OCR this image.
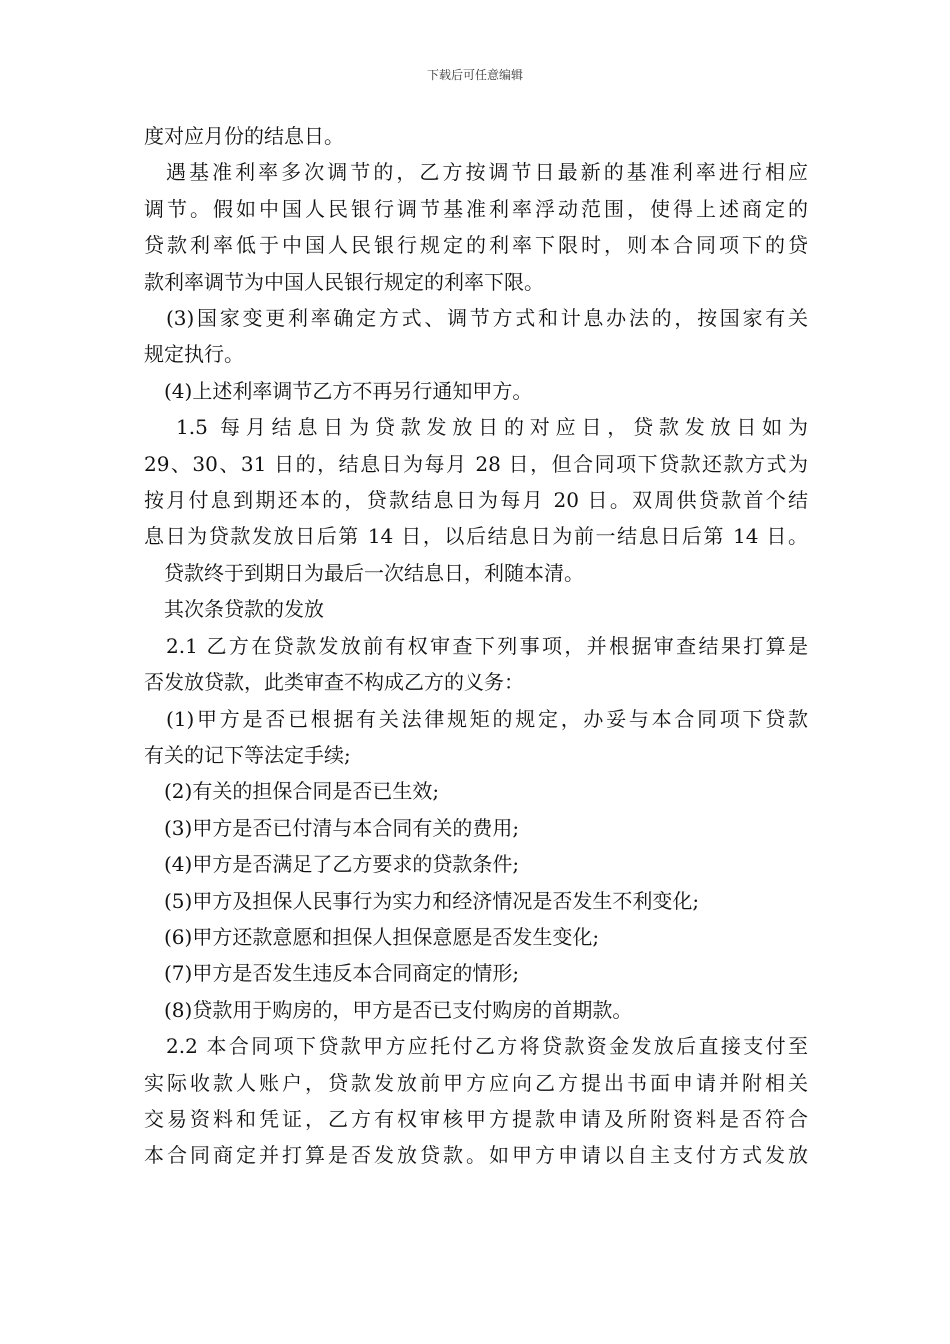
下载后可任意编辑

度对应月份的结息日。

遇基准利率多次调节的，乙方按调节日最新的基准利率进行相应

调节。假如中国人民银行调节基准利率浮动范围，使得上述商定的

贷款利率低于中国人民银行规定的利率下限时，则本合同项下的贷

款利率调节为中国人民银行规定的利率下限。

(3)国家变更利率确定方式、调节方式和计息办法的，按国家有关

规定执行。

(4)上述利率调节乙方不再另行通知甲方。

1.5 每月结息日为贷款发放日的对应日，贷款发放日如为

29、30、31 日的，结息日为每月 28 日，但合同项下贷款还款方式为

按月付息到期还本的，贷款结息日为每月 20 日。双周供贷款首个结

息日为贷款发放日后第 14 日，以后结息日为前一结息日后第 14 日。

贷款终于到期日为最后一次结息日，利随本清。

其次条贷款的发放

2.1 乙方在贷款发放前有权审查下列事项，并根据审查结果打算是

否发放贷款，此类审查不构成乙方的义务：

(1)甲方是否已根据有关法律规矩的规定，办妥与本合同项下贷款

有关的记下等法定手续;

(2)有关的担保合同是否已生效;

(3)甲方是否已付清与本合同有关的费用;

(4)甲方是否满足了乙方要求的贷款条件;

(5)甲方及担保人民事行为实力和经济情况是否发生不利变化;

(6)甲方还款意愿和担保人担保意愿是否发生变化;

(7)甲方是否发生违反本合同商定的情形;

(8)贷款用于购房的，甲方是否已支付购房的首期款。

2.2 本合同项下贷款甲方应托付乙方将贷款资金发放后直接支付至

实际收款人账户，贷款发放前甲方应向乙方提出书面申请并附相关

交易资料和凭证，乙方有权审核甲方提款申请及所附资料是否符合

本合同商定并打算是否发放贷款。如甲方申请以自主支付方式发放
